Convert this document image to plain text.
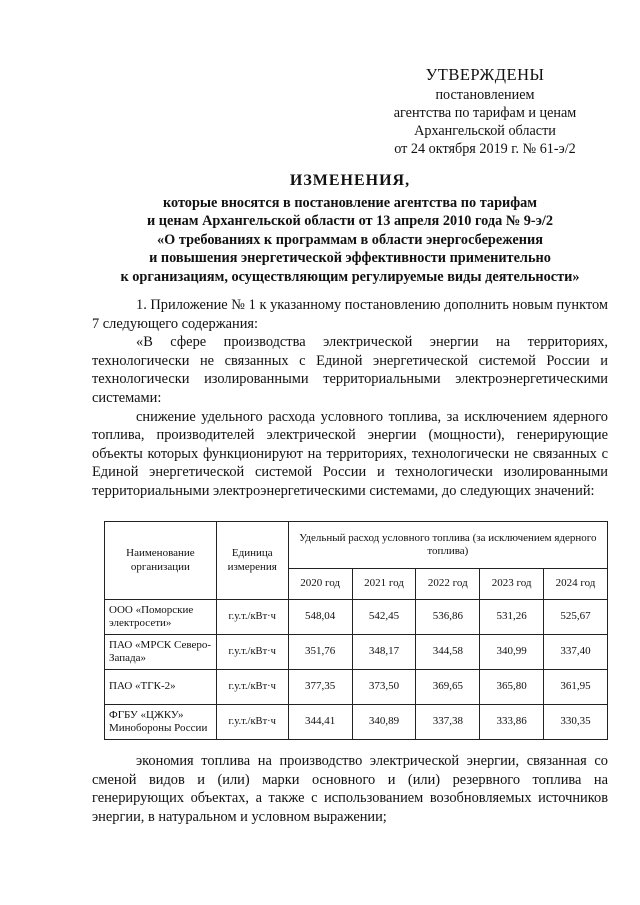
УТВЕРЖДЕНЫ
постановлением
агентства по тарифам и ценам
Архангельской области
от 24 октября 2019 г. № 61-э/2
ИЗМЕНЕНИЯ,
которые вносятся в постановление агентства по тарифам
и ценам Архангельской области от 13 апреля 2010 года № 9-э/2
«О требованиях к программам в области энергосбережения
и повышения энергетической эффективности применительно
к организациям, осуществляющим регулируемые виды деятельности»

1. Приложение № 1 к указанному постановлению дополнить новым пунктом 7 следующего содержания:

«В сфере производства электрической энергии на территориях, технологически не связанных с Единой энергетической системой России и технологически изолированными территориальными электроэнергетическими системами:

снижение удельного расхода условного топлива, за исключением ядерного топлива, производителей электрической энергии (мощности), генерирующие объекты которых функционируют на территориях, технологически не связанных с Единой энергетической системой России и технологически изолированными территориальными электроэнергетическими системами, до следующих значений:

Наименование организации	Единица измерения	Удельный расход условного топлива (за исключением ядерного топлива)				
		2020 год	2021 год	2022 год	2023 год	2024 год
ООО «Поморские электросети»	г.у.т./кВт·ч	548,04	542,45	536,86	531,26	525,67
ПАО «МРСК Северо-Запада»	г.у.т./кВт·ч	351,76	348,17	344,58	340,99	337,40
ПАО «ТГК-2»	г.у.т./кВт·ч	377,35	373,50	369,65	365,80	361,95
ФГБУ «ЦЖКУ» Минобороны России	г.у.т./кВт·ч	344,41	340,89	337,38	333,86	330,35

экономия топлива на производство электрической энергии, связанная со сменой видов и (или) марки основного и (или) резервного топлива на генерирующих объектах, а также с использованием возобновляемых источников энергии, в натуральном и условном выражении;
